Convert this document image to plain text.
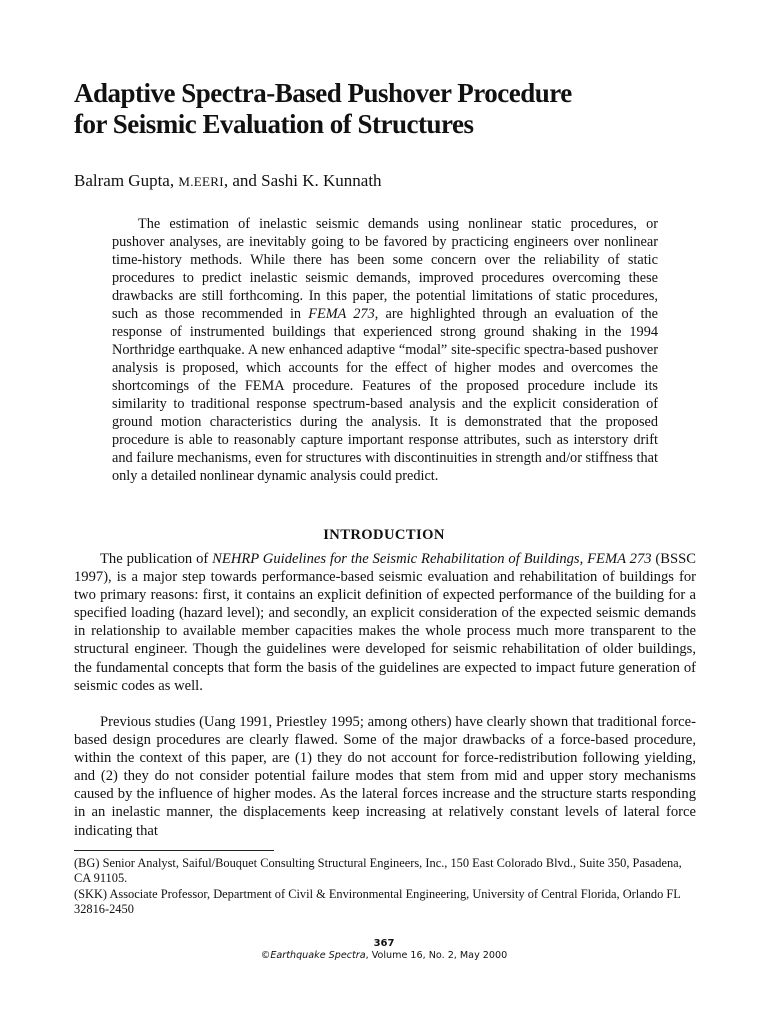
Adaptive Spectra-Based Pushover Procedure
for Seismic Evaluation of Structures
Balram Gupta, M.EERI, and Sashi K. Kunnath

The estimation of inelastic seismic demands using nonlinear static procedures, or pushover analyses, are inevitably going to be favored by practicing engineers over nonlinear time-history methods. While there has been some concern over the reliability of static procedures to predict inelastic seismic demands, improved procedures overcoming these drawbacks are still forthcoming. In this paper, the potential limitations of static procedures, such as those recommended in FEMA 273, are highlighted through an evaluation of the response of instrumented buildings that experienced strong ground shaking in the 1994 Northridge earthquake. A new enhanced adaptive “modal” site-specific spectra-based pushover analysis is proposed, which accounts for the effect of higher modes and overcomes the shortcomings of the FEMA procedure. Features of the proposed procedure include its similarity to traditional response spectrum-based analysis and the explicit consideration of ground motion characteristics during the analysis. It is demonstrated that the proposed procedure is able to reasonably capture important response attributes, such as interstory drift and failure mechanisms, even for structures with discontinuities in strength and/or stiffness that only a detailed nonlinear dynamic analysis could predict.

INTRODUCTION

The publication of NEHRP Guidelines for the Seismic Rehabilitation of Buildings, FEMA 273 (BSSC 1997), is a major step towards performance-based seismic evaluation and rehabilitation of buildings for two primary reasons: first, it contains an explicit definition of expected performance of the building for a specified loading (hazard level); and secondly, an explicit consideration of the expected seismic demands in relationship to available member capacities makes the whole process much more transparent to the structural engineer. Though the guidelines were developed for seismic rehabilitation of older buildings, the fundamental concepts that form the basis of the guidelines are expected to impact future generation of seismic codes as well.

Previous studies (Uang 1991, Priestley 1995; among others) have clearly shown that traditional force-based design procedures are clearly flawed. Some of the major drawbacks of a force-based procedure, within the context of this paper, are (1) they do not account for force-redistribution following yielding, and (2) they do not consider potential failure modes that stem from mid and upper story mechanisms caused by the influence of higher modes. As the lateral forces increase and the structure starts responding in an inelastic manner, the displacements keep increasing at relatively constant levels of lateral force indicating that

(BG) Senior Analyst, Saiful/Bouquet Consulting Structural Engineers, Inc., 150 East Colorado Blvd., Suite 350, Pasadena, CA 91105.

(SKK) Associate Professor, Department of Civil & Environmental Engineering, University of Central Florida, Orlando FL 32816-2450

367
©Earthquake Spectra, Volume 16, No. 2, May 2000
